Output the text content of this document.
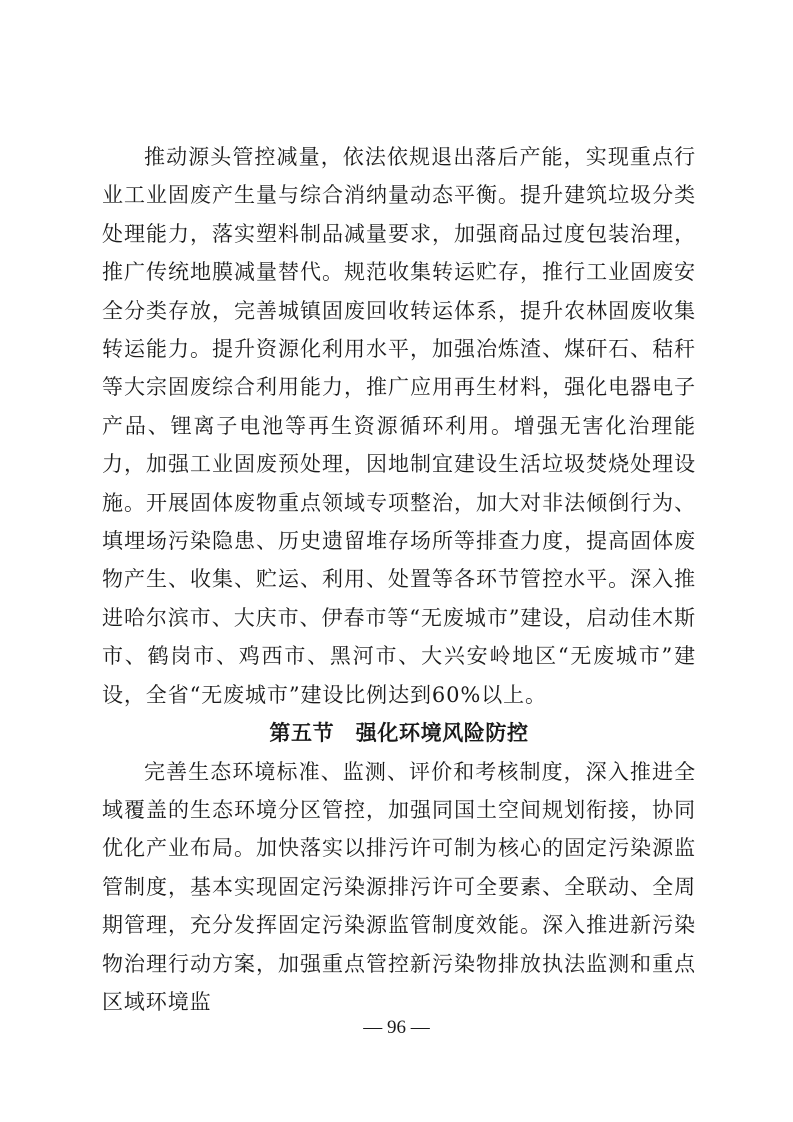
推动源头管控减量，依法依规退出落后产能，实现重点行业工业固废产生量与综合消纳量动态平衡。提升建筑垃圾分类处理能力，落实塑料制品减量要求，加强商品过度包装治理，推广传统地膜减量替代。规范收集转运贮存，推行工业固废安全分类存放，完善城镇固废回收转运体系，提升农林固废收集转运能力。提升资源化利用水平，加强冶炼渣、煤矸石、秸秆等大宗固废综合利用能力，推广应用再生材料，强化电器电子产品、锂离子电池等再生资源循环利用。增强无害化治理能力，加强工业固废预处理，因地制宜建设生活垃圾焚烧处理设施。开展固体废物重点领域专项整治，加大对非法倾倒行为、填埋场污染隐患、历史遗留堆存场所等排查力度，提高固体废物产生、收集、贮运、利用、处置等各环节管控水平。深入推进哈尔滨市、大庆市、伊春市等“无废城市”建设，启动佳木斯市、鹤岗市、鸡西市、黑河市、大兴安岭地区“无废城市”建设，全省“无废城市”建设比例达到60%以上。

第五节　强化环境风险防控

完善生态环境标准、监测、评价和考核制度，深入推进全域覆盖的生态环境分区管控，加强同国土空间规划衔接，协同优化产业布局。加快落实以排污许可制为核心的固定污染源监管制度，基本实现固定污染源排污许可全要素、全联动、全周期管理，充分发挥固定污染源监管制度效能。深入推进新污染物治理行动方案，加强重点管控新污染物排放执法监测和重点区域环境监

— 96 —
